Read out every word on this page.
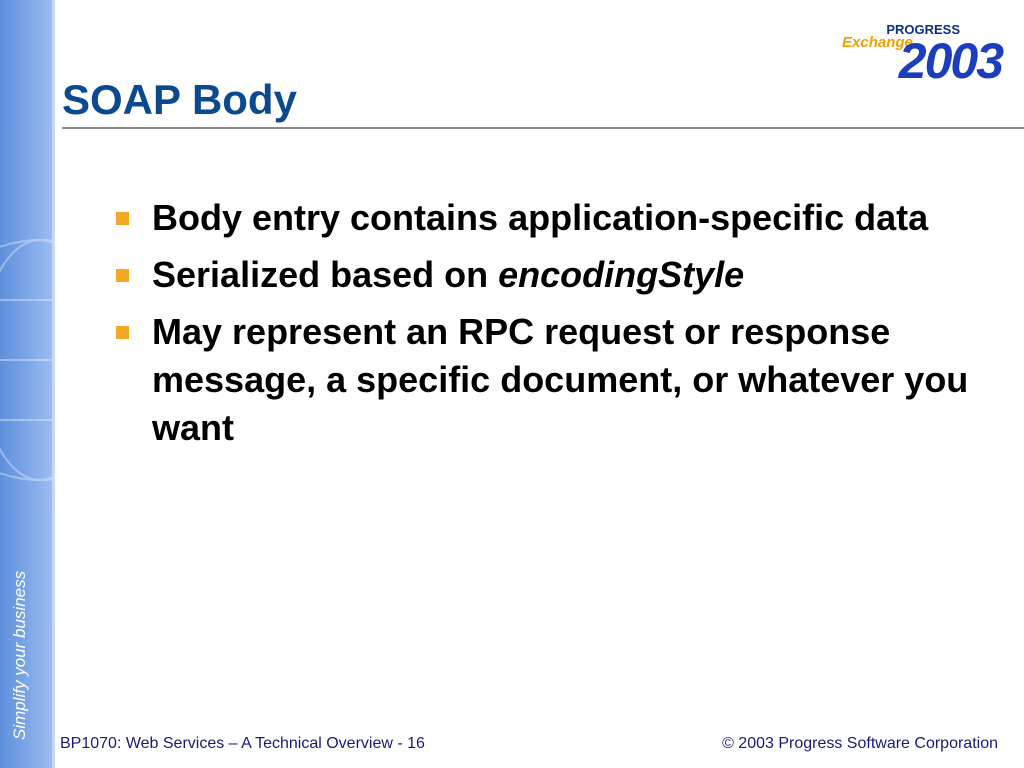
Simplify your business
PROGRESS
Exchange
2003
SOAP Body
Body entry contains application-specific data
Serialized based on encodingStyle
May represent an RPC request or response message, a specific document, or whatever you want
BP1070: Web Services – A Technical Overview - 16	© 2003 Progress Software Corporation
